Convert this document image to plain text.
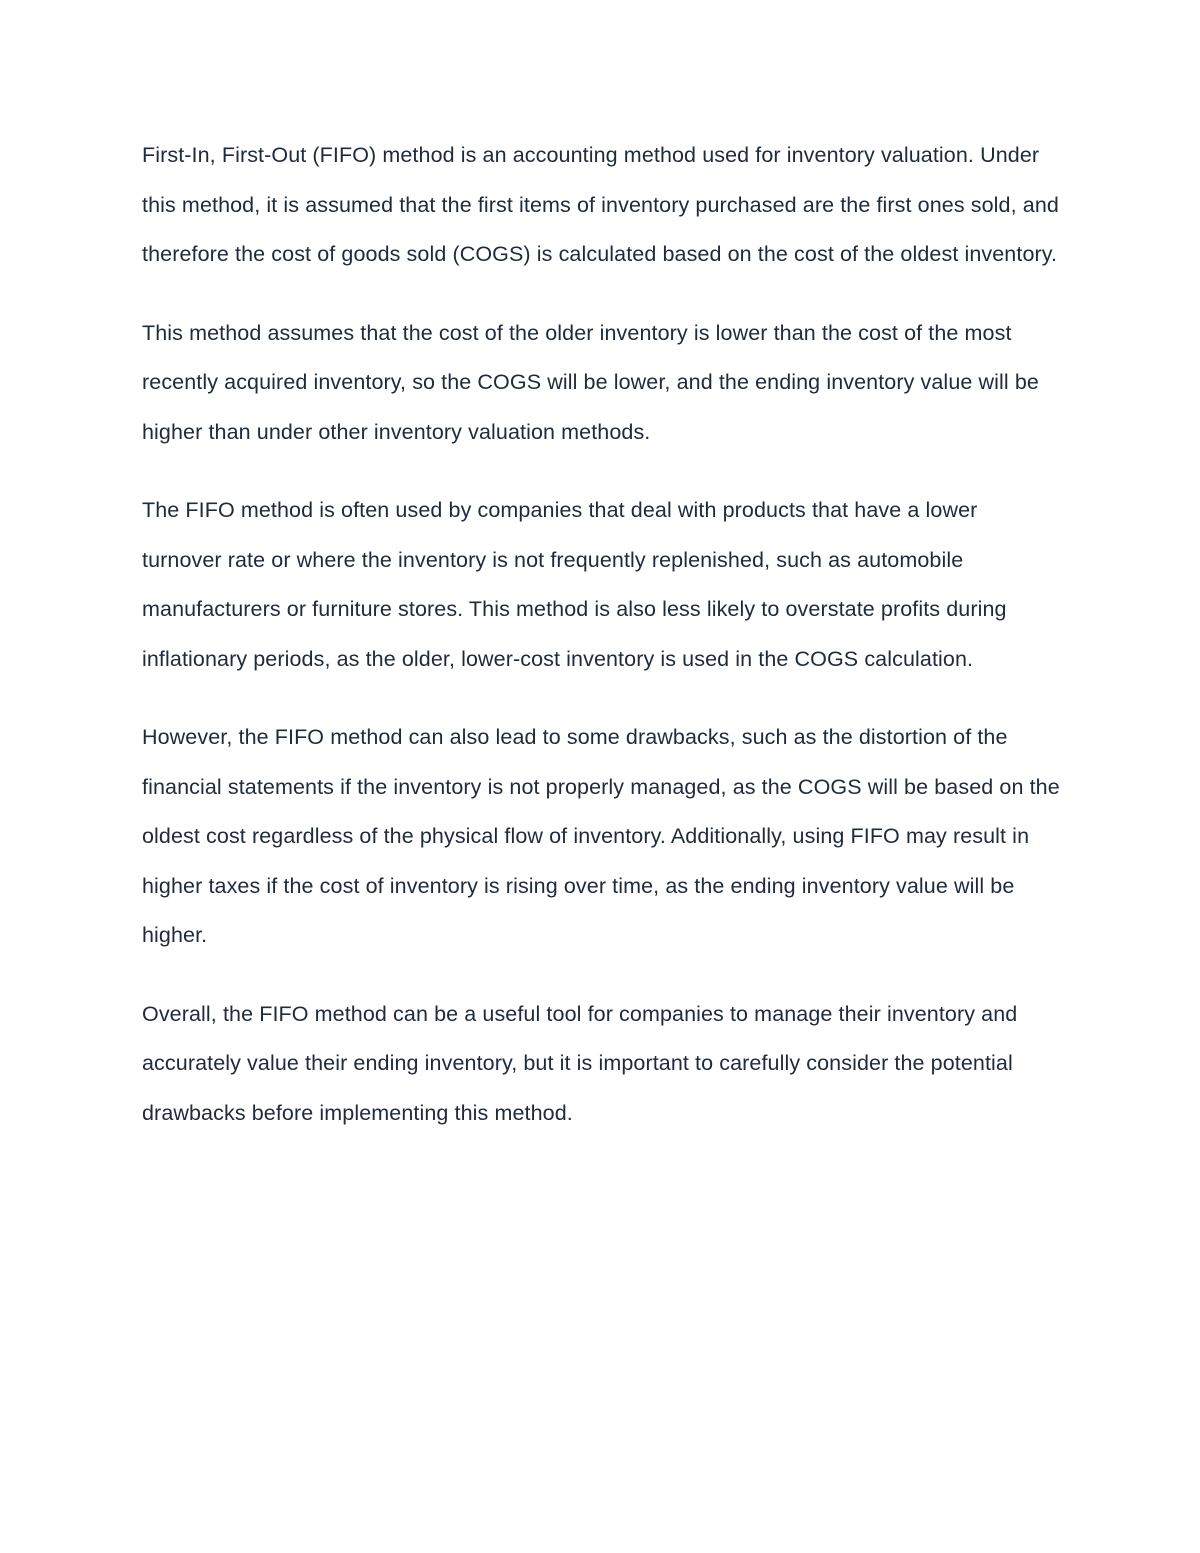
First-In, First-Out (FIFO) method is an accounting method used for inventory valuation. Under this method, it is assumed that the first items of inventory purchased are the first ones sold, and therefore the cost of goods sold (COGS) is calculated based on the cost of the oldest inventory.

This method assumes that the cost of the older inventory is lower than the cost of the most recently acquired inventory, so the COGS will be lower, and the ending inventory value will be higher than under other inventory valuation methods.

The FIFO method is often used by companies that deal with products that have a lower turnover rate or where the inventory is not frequently replenished, such as automobile manufacturers or furniture stores. This method is also less likely to overstate profits during inflationary periods, as the older, lower-cost inventory is used in the COGS calculation.

However, the FIFO method can also lead to some drawbacks, such as the distortion of the financial statements if the inventory is not properly managed, as the COGS will be based on the oldest cost regardless of the physical flow of inventory. Additionally, using FIFO may result in higher taxes if the cost of inventory is rising over time, as the ending inventory value will be higher.

Overall, the FIFO method can be a useful tool for companies to manage their inventory and accurately value their ending inventory, but it is important to carefully consider the potential drawbacks before implementing this method.
